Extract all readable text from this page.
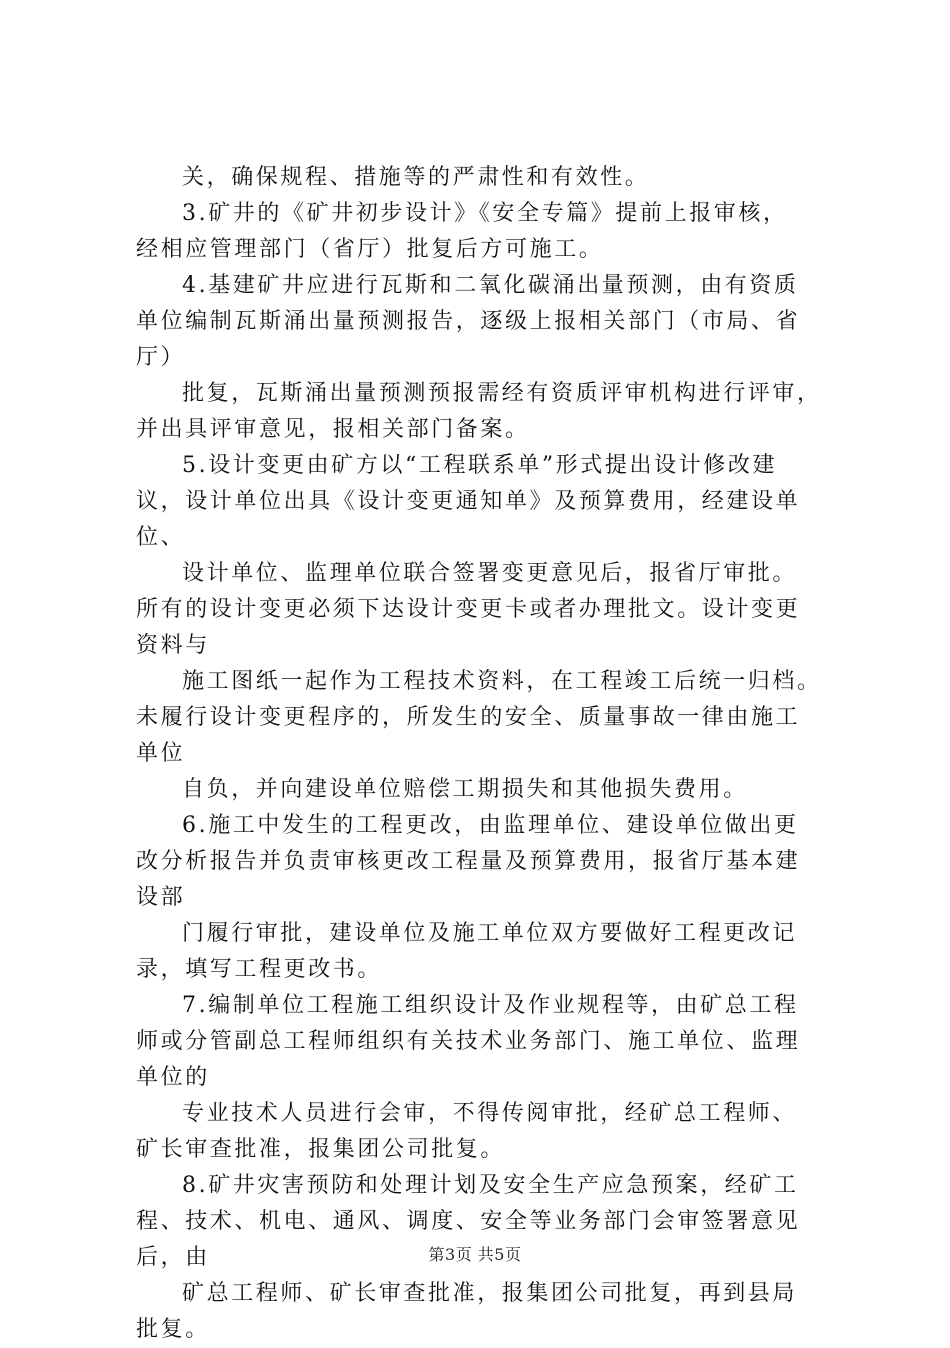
关，确保规程、措施等的严肃性和有效性。
3.矿井的《矿井初步设计》《安全专篇》提前上报审核，
经相应管理部门（省厅）批复后方可施工。
4.基建矿井应进行瓦斯和二氧化碳涌出量预测，由有资质
单位编制瓦斯涌出量预测报告，逐级上报相关部门（市局、省
厅）
批复，瓦斯涌出量预测预报需经有资质评审机构进行评审，
并出具评审意见，报相关部门备案。
5.设计变更由矿方以“工程联系单”形式提出设计修改建
议，设计单位出具《设计变更通知单》及预算费用，经建设单
位、
设计单位、监理单位联合签署变更意见后，报省厅审批。
所有的设计变更必须下达设计变更卡或者办理批文。设计变更
资料与
施工图纸一起作为工程技术资料，在工程竣工后统一归档。
未履行设计变更程序的，所发生的安全、质量事故一律由施工
单位
自负，并向建设单位赔偿工期损失和其他损失费用。
6.施工中发生的工程更改，由监理单位、建设单位做出更
改分析报告并负责审核更改工程量及预算费用，报省厅基本建
设部
门履行审批，建设单位及施工单位双方要做好工程更改记
录，填写工程更改书。
7.编制单位工程施工组织设计及作业规程等，由矿总工程
师或分管副总工程师组织有关技术业务部门、施工单位、监理
单位的
专业技术人员进行会审，不得传阅审批，经矿总工程师、
矿长审查批准，报集团公司批复。
8.矿井灾害预防和处理计划及安全生产应急预案，经矿工
程、技术、机电、通风、调度、安全等业务部门会审签署意见
后，由
矿总工程师、矿长审查批准，报集团公司批复，再到县局
批复。
第3页 共5页
